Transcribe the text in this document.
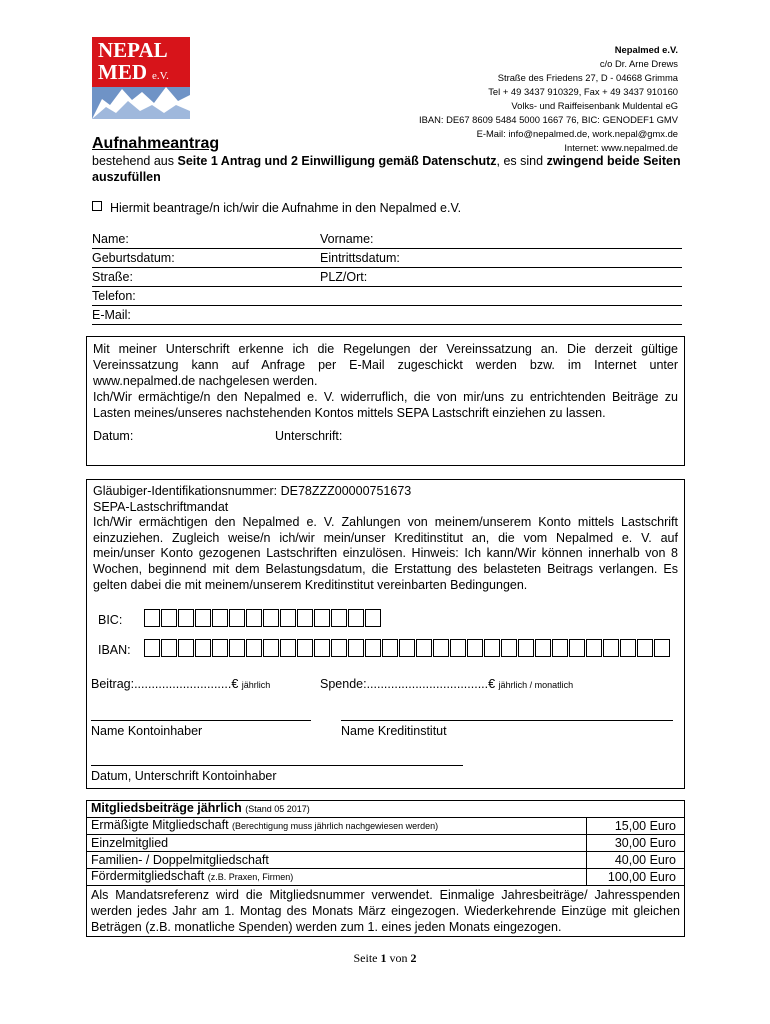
NEPAL
MED e.V.
Nepalmed e.V.
c/o Dr. Arne Drews
Straße des Friedens 27, D - 04668 Grimma
Tel + 49 3437 910329, Fax + 49 3437 910160
Volks- und Raiffeisenbank Muldental eG
IBAN: DE67 8609 5484 5000 1667 76, BIC: GENODEF1 GMV
E-Mail: info@nepalmed.de, work.nepal@gmx.de
Internet: www.nepalmed.de
Aufnahmeantrag
bestehend aus Seite 1 Antrag und 2 Einwilligung gemäß Datenschutz, es sind zwingend beide Seiten auszufüllen
Hiermit beantrage/n ich/wir die Aufnahme in den Nepalmed e.V.
Name:	Vorname:
Geburtsdatum:	Eintrittsdatum:
Straße:	PLZ/Ort:
Telefon:
E-Mail:

Mit meiner Unterschrift erkenne ich die Regelungen der Vereinssatzung an. Die derzeit gültige Vereinssatzung kann auf Anfrage per E-Mail zugeschickt werden bzw. im Internet unter www.nepalmed.de nachgelesen werden.

Ich/Wir ermächtige/n den Nepalmed e. V. widerruflich, die von mir/uns zu entrichtenden Beiträge zu Lasten meines/unseres nachstehenden Kontos mittels SEPA Lastschrift einziehen zu lassen.

Datum:	Unterschrift:

Gläubiger-Identifikationsnummer: DE78ZZZ00000751673

SEPA-Lastschriftmandat

Ich/Wir ermächtigen den Nepalmed e. V. Zahlungen von meinem/unserem Konto mittels Lastschrift einzuziehen. Zugleich weise/n ich/wir mein/unser Kreditinstitut an, die vom Nepalmed e. V. auf mein/unser Konto gezogenen Lastschriften einzulösen. Hinweis: Ich kann/Wir können innerhalb von 8 Wochen, beginnend mit dem Belastungsdatum, die Erstattung des belasteten Beitrags verlangen. Es gelten dabei die mit meinem/unserem Kreditinstitut vereinbarten Bedingungen.

BIC:
IBAN:
Beitrag:............................€ jährlich	Spende:...................................€ jährlich / monatlich
Name Kontoinhaber	Name Kreditinstitut
Datum, Unterschrift Kontoinhaber
Mitgliedsbeiträge jährlich (Stand 05 2017)	
Ermäßigte Mitgliedschaft (Berechtigung muss jährlich nachgewiesen werden)	15,00 Euro
Einzelmitglied	30,00 Euro
Familien- / Doppelmitgliedschaft	40,00 Euro
Fördermitgliedschaft (z.B. Praxen, Firmen)	100,00 Euro
Als Mandatsreferenz wird die Mitgliedsnummer verwendet. Einmalige Jahresbeiträge/ Jahresspenden werden jedes Jahr am 1. Montag des Monats März eingezogen. Wiederkehrende Einzüge mit gleichen Beträgen (z.B. monatliche Spenden) werden zum 1. eines jeden Monats eingezogen.
Seite 1 von 2
